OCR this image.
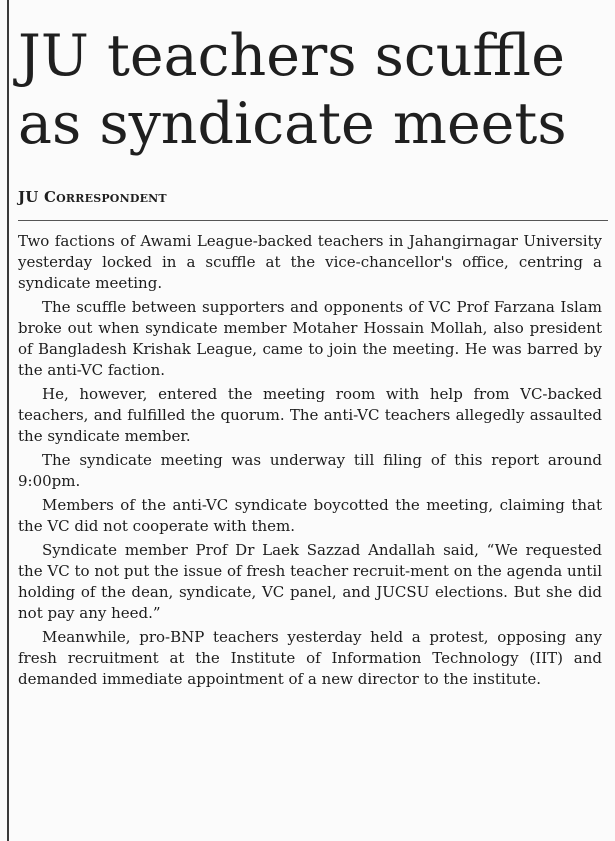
JU teachers scuffle
as syndicate meets
JU Correspondent

Two factions of Awami League-backed teachers in Jahangirnagar University yesterday locked in a scuffle at the vice-chancellor's office, centring a syndicate meeting.

The scuffle between supporters and opponents of VC Prof Farzana Islam broke out when syndicate member Motaher Hossain Mollah, also president of Bangladesh Krishak League, came to join the meeting. He was barred by the anti-VC faction.

He, however, entered the meeting room with help from VC-backed teachers, and fulfilled the quorum. The anti-VC teachers allegedly assaulted the syndicate member.

The syndicate meeting was underway till filing of this report around 9:00pm.

Members of the anti-VC syndicate boycotted the meeting, claiming that the VC did not cooperate with them.

Syndicate member Prof Dr Laek Sazzad Andallah said, “We requested the VC to not put the issue of fresh teacher recruit-ment on the agenda until holding of the dean, syndicate, VC panel, and JUCSU elections. But she did not pay any heed.”

Meanwhile, pro-BNP teachers yesterday held a protest, opposing any fresh recruitment at the Institute of Information Technology (IIT) and demanded immediate appointment of a new director to the institute.
